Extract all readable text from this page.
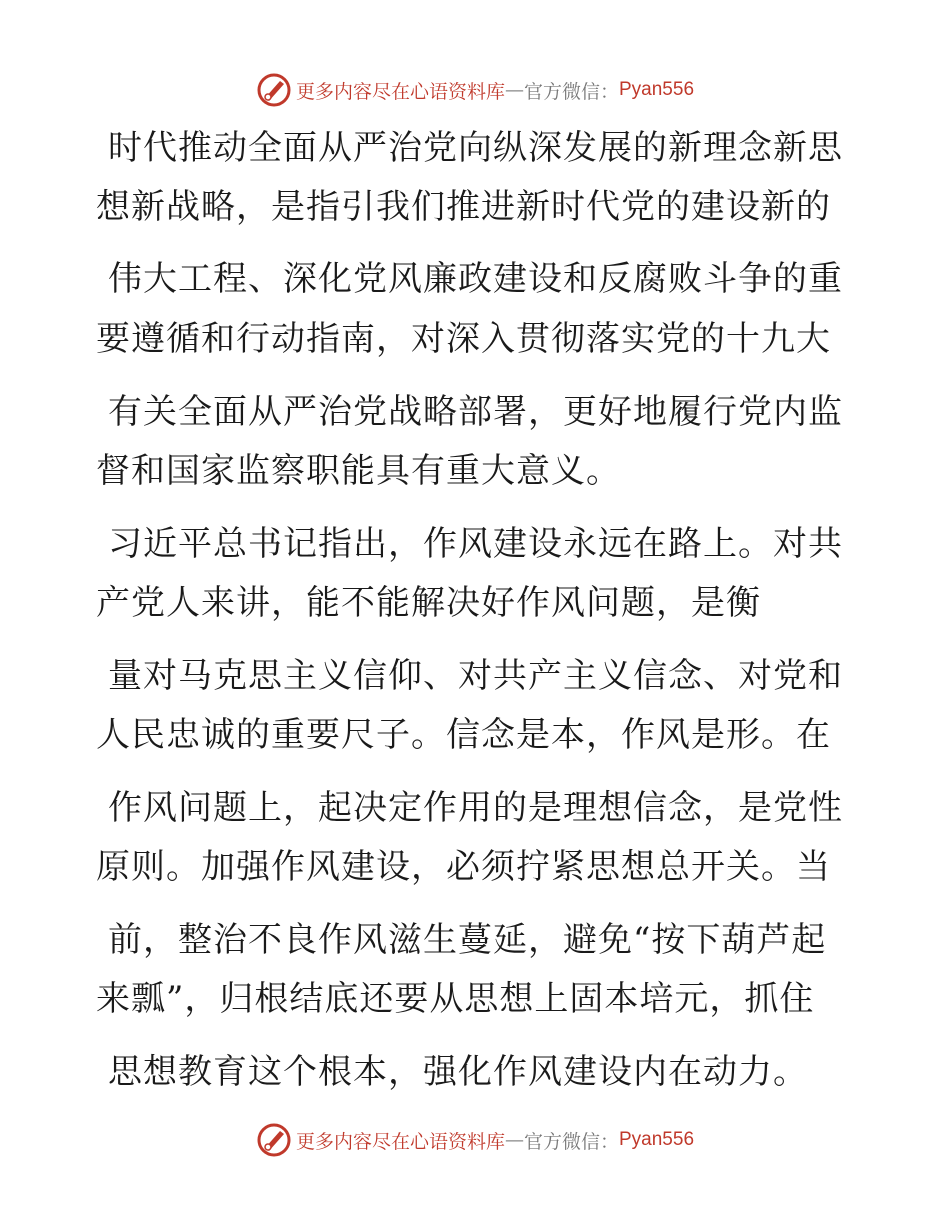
更多内容尽在心语资料库 — 官方微信： Pyan556
时代推动全面从严治党向纵深发展的新理念新思
想新战略，是指引我们推进新时代党的建设新的
伟大工程、深化党风廉政建设和反腐败斗争的重
要遵循和行动指南，对深入贯彻落实党的十九大
有关全面从严治党战略部署，更好地履行党内监
督和国家监察职能具有重大意义。
习近平总书记指出，作风建设永远在路上。对共
产党人来讲，能不能解决好作风问题，是衡
量对马克思主义信仰、对共产主义信念、对党和
人民忠诚的重要尺子。信念是本，作风是形。在
作风问题上，起决定作用的是理想信念，是党性
原则。加强作风建设，必须拧紧思想总开关。当
前，整治不良作风滋生蔓延，避免“按下葫芦起
来瓢”，归根结底还要从思想上固本培元，抓住
思想教育这个根本，强化作风建设内在动力。
更多内容尽在心语资料库 — 官方微信： Pyan556
